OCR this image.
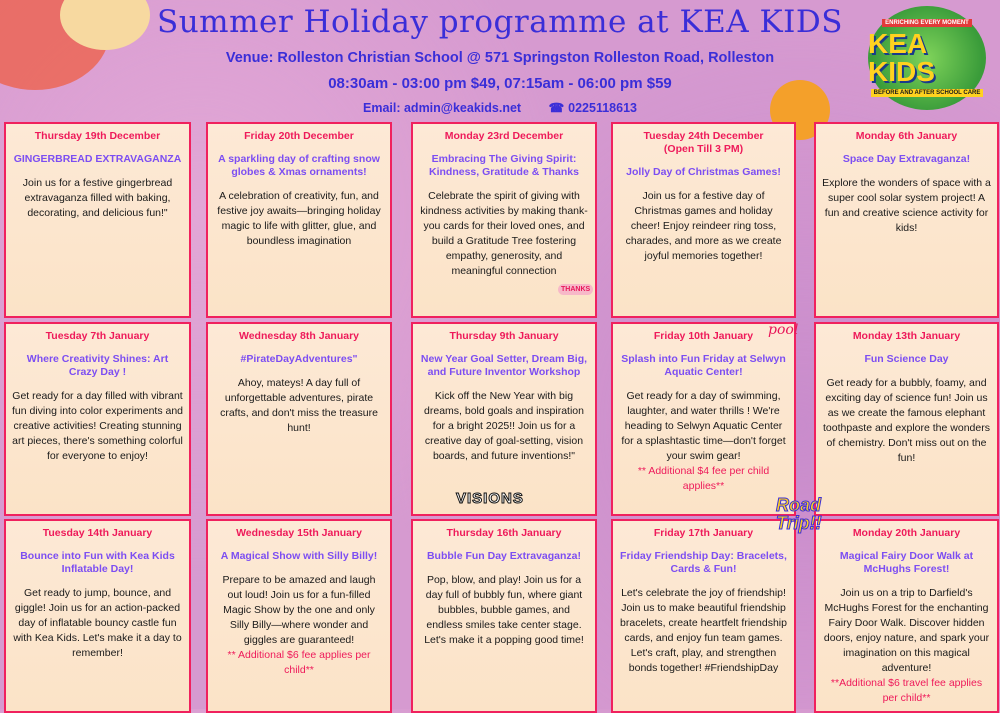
Summer Holiday programme at KEA KIDS
Venue: Rolleston Christian School @ 571 Springston Rolleston Road, Rolleston
08:30am - 03:00 pm $49, 07:15am - 06:00 pm $59
Email: admin@keakids.net ☎ 0225118613
ENRICHING EVERY MOMENT
KEA KIDS
BEFORE AND AFTER SCHOOL CARE
Thursday 19th December
GINGERBREAD EXTRAVAGANZA
Join us for a festive gingerbread extravaganza filled with baking, decorating, and delicious fun!"
Friday 20th December
A sparkling day of crafting snow globes & Xmas ornaments!
A celebration of creativity, fun, and festive joy awaits—bringing holiday magic to life with glitter, glue, and boundless imagination
Monday 23rd December
Embracing The Giving Spirit: Kindness, Gratitude & Thanks
Celebrate the spirit of giving with kindness activities by making thank-you cards for their loved ones, and build a Gratitude Tree fostering empathy, generosity, and meaningful connection
Tuesday 24th December
(Open Till 3 PM)
Jolly Day of Christmas Games!
Join us for a festive day of Christmas games and holiday cheer! Enjoy reindeer ring toss, charades, and more as we create joyful memories together!
Monday 6th January
Space Day Extravaganza!
Explore the wonders of space with a super cool solar system project! A fun and creative science activity for kids!
Tuesday 7th January
Where Creativity Shines: Art Crazy Day !
Get ready for a day filled with vibrant fun diving into color experiments and creative activities! Creating stunning art pieces, there's something colorful for everyone to enjoy!
Wednesday 8th January
#PirateDayAdventures"
Ahoy, mateys! A day full of unforgettable adventures, pirate crafts, and don't miss the treasure hunt!
Thursday 9th January
New Year Goal Setter, Dream Big, and Future Inventor Workshop
Kick off the New Year with big dreams, bold goals and inspiration for a bright 2025!! Join us for a creative day of goal-setting, vision boards, and future inventions!"
Friday 10th January
Splash into Fun Friday at Selwyn Aquatic Center!
Get ready for a day of swimming, laughter, and water thrills ! We're heading to Selwyn Aquatic Center for a splashtastic time—don't forget your swim gear!
** Additional $4 fee per child applies**
Monday 13th January
Fun Science Day
Get ready for a bubbly, foamy, and exciting day of science fun! Join us as we create the famous elephant toothpaste and explore the wonders of chemistry. Don't miss out on the fun!
Tuesday 14th January
Bounce into Fun with Kea Kids Inflatable Day!
Get ready to jump, bounce, and giggle! Join us for an action-packed day of inflatable bouncy castle fun with Kea Kids. Let's make it a day to remember!
Wednesday 15th January
A Magical Show with Silly Billy!
Prepare to be amazed and laugh out loud! Join us for a fun-filled Magic Show by the one and only Silly Billy—where wonder and giggles are guaranteed!
** Additional $6 fee applies per child**
Thursday 16th January
Bubble Fun Day Extravaganza!
Pop, blow, and play! Join us for a day full of bubbly fun, where giant bubbles, bubble games, and endless smiles take center stage. Let's make it a popping good time!
Friday 17th January
Friday Friendship Day: Bracelets, Cards & Fun!
Let's celebrate the joy of friendship! Join us to make beautiful friendship bracelets, create heartfelt friendship cards, and enjoy fun team games. Let's craft, play, and strengthen bonds together! #FriendshipDay
Monday 20th January
Magical Fairy Door Walk at McHughs Forest!
Join us on a trip to Darfield's McHughs Forest for the enchanting Fairy Door Walk. Discover hidden doors, enjoy nature, and spark your imagination on this magical adventure!
**Additional $6 travel fee applies per child**
VISIONS
pool
Road Trip!!
THANKS
